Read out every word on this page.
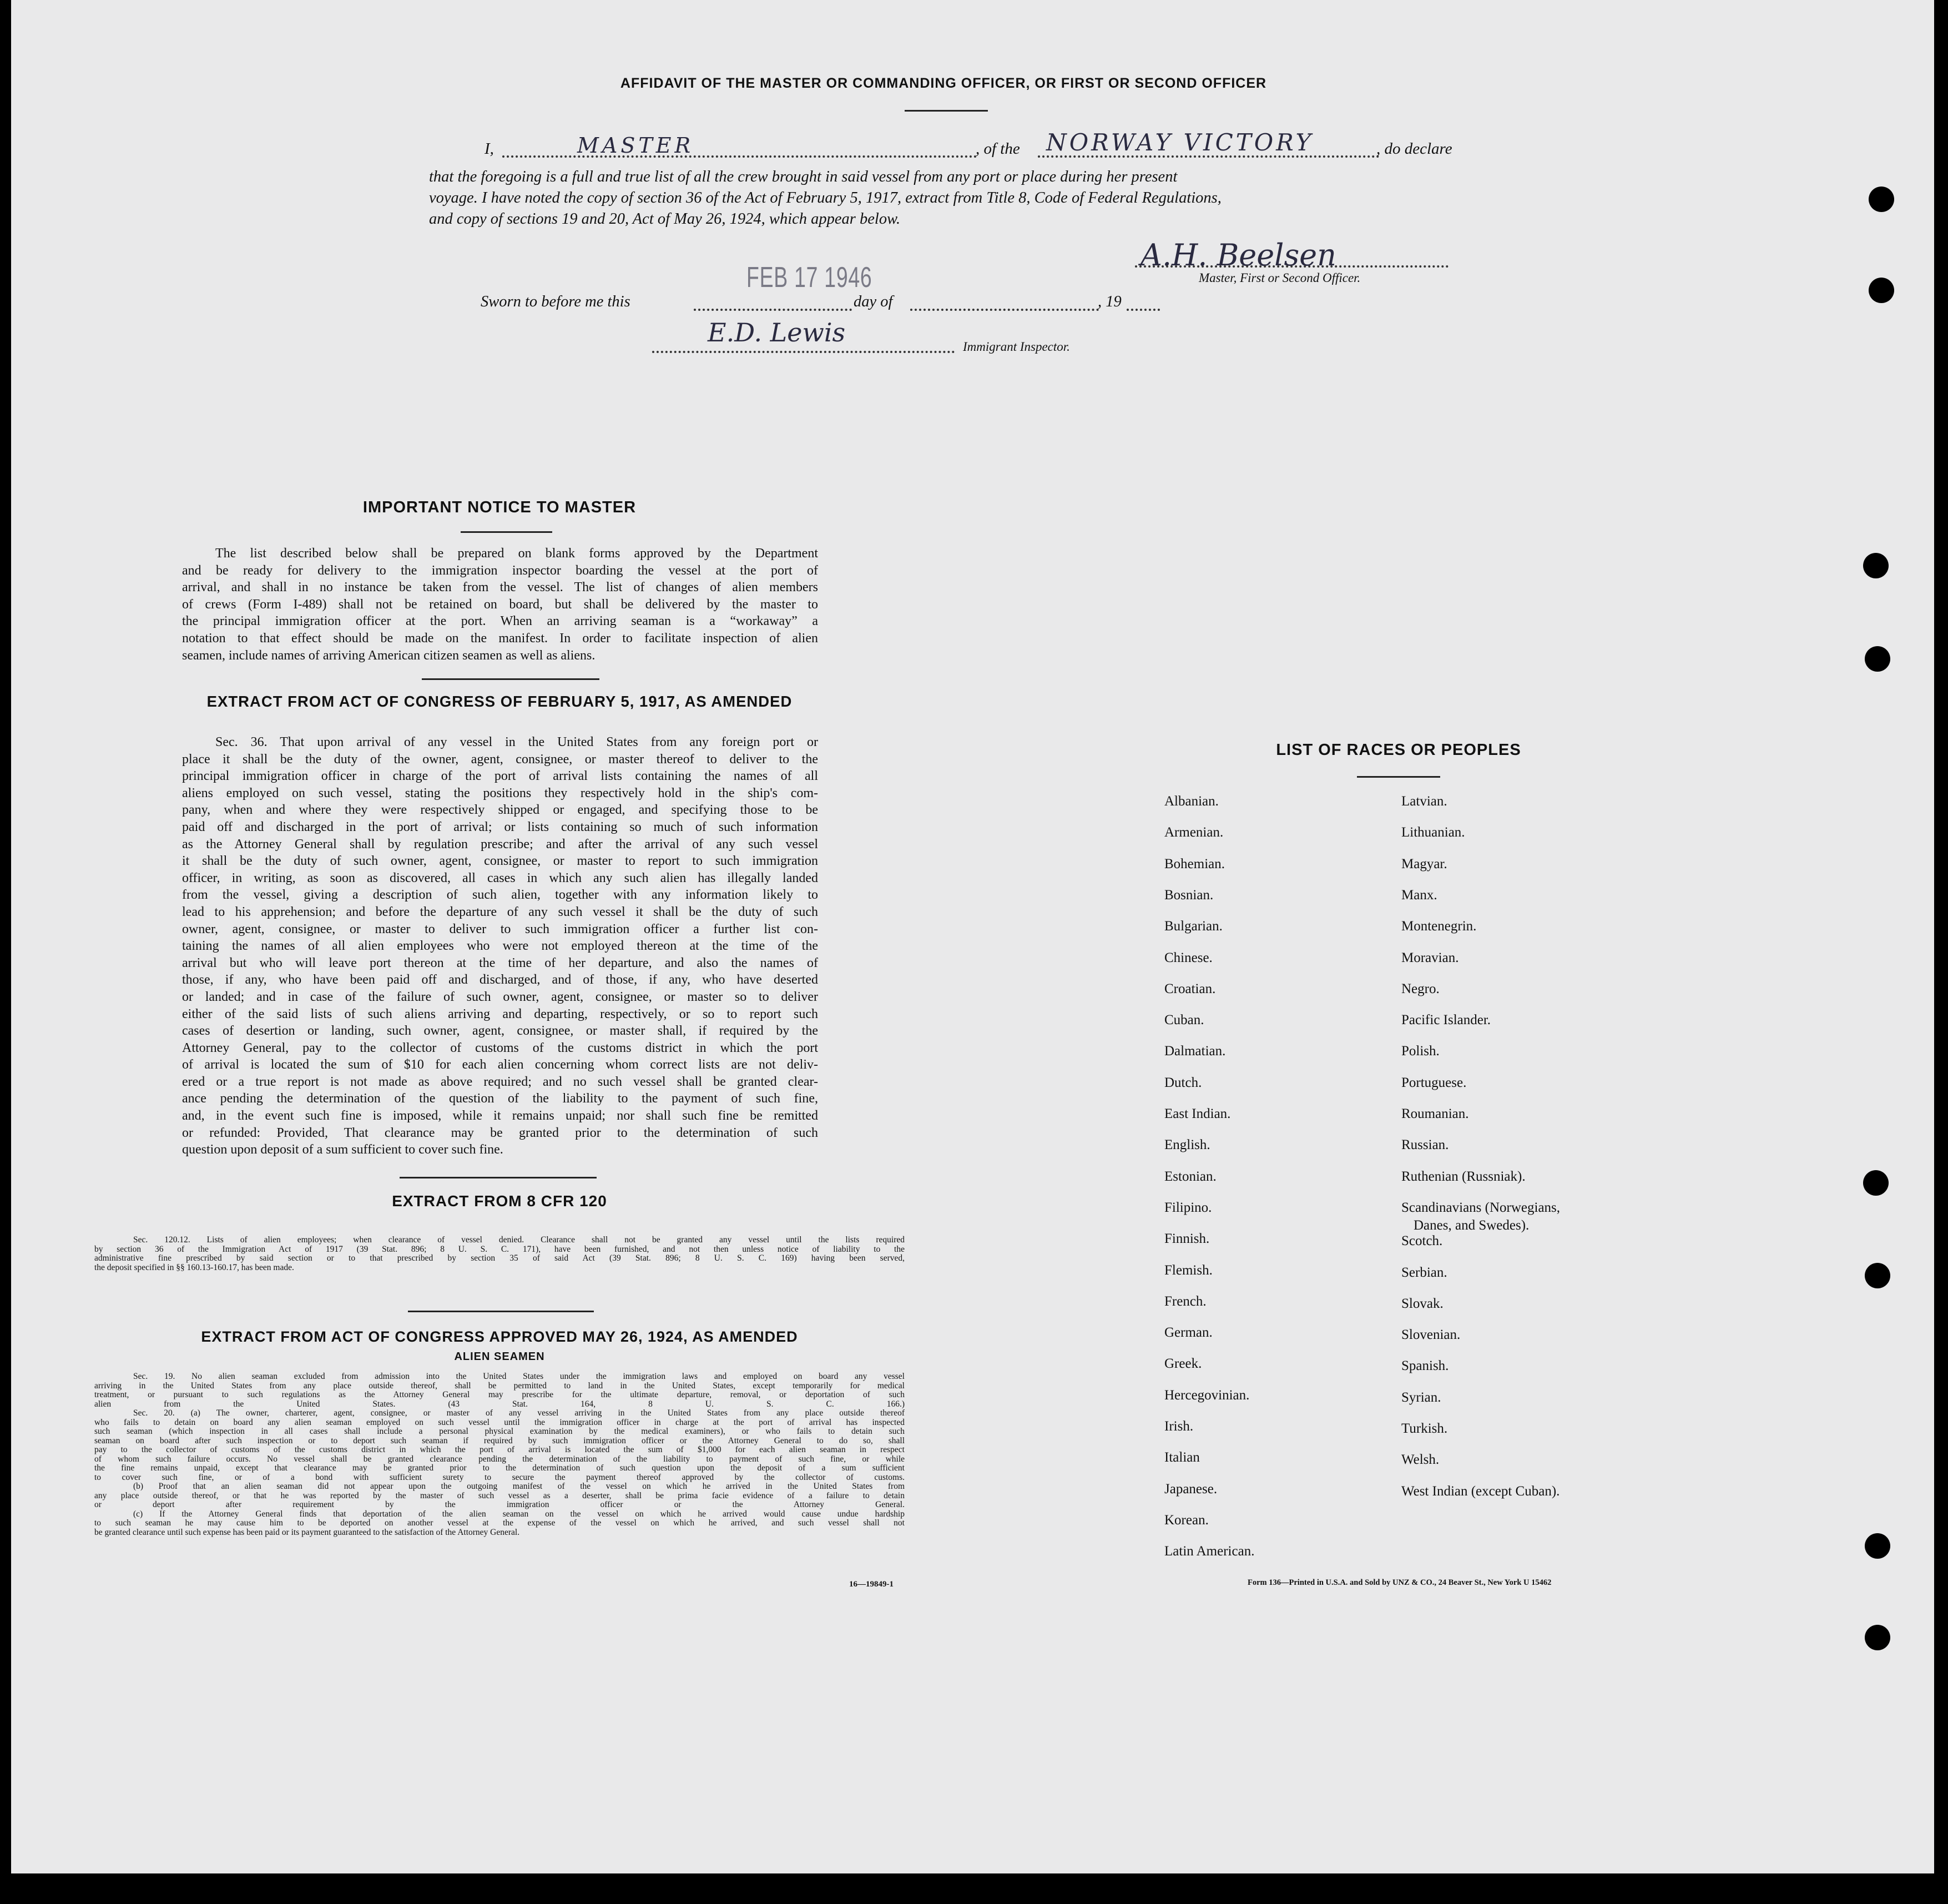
AFFIDAVIT OF THE MASTER OR COMMANDING OFFICER, OR FIRST OR SECOND OFFICER
I,	MASTER	, of the NORWAY VICTORY	, do declare
that the foregoing is a full and true list of all the crew brought in said vessel from any port or place during her present
voyage. I have noted the copy of section 36 of the Act of February 5, 1917, extract from Title 8, Code of Federal Regulations,
and copy of sections 19 and 20, Act of May 26, 1924, which appear below.
A.H. Beelsen
Master, First or Second Officer.
Sworn to before me this
FEB 17 1946
day of	, 19
E.D. Lewis	Immigrant Inspector.
IMPORTANT NOTICE TO MASTER
The list described below shall be prepared on blank forms approved by the Department
and be ready for delivery to the immigration inspector boarding the vessel at the port of
arrival, and shall in no instance be taken from the vessel. The list of changes of alien members
of crews (Form I-489) shall not be retained on board, but shall be delivered by the master to
the principal immigration officer at the port. When an arriving seaman is a “workaway” a
notation to that effect should be made on the manifest. In order to facilitate inspection of alien
seamen, include names of arriving American citizen seamen as well as aliens.
EXTRACT FROM ACT OF CONGRESS OF FEBRUARY 5, 1917, AS AMENDED
Sec. 36. That upon arrival of any vessel in the United States from any foreign port or
place it shall be the duty of the owner, agent, consignee, or master thereof to deliver to the
principal immigration officer in charge of the port of arrival lists containing the names of all
aliens employed on such vessel, stating the positions they respectively hold in the ship's com-
pany, when and where they were respectively shipped or engaged, and specifying those to be
paid off and discharged in the port of arrival; or lists containing so much of such information
as the Attorney General shall by regulation prescribe; and after the arrival of any such vessel
it shall be the duty of such owner, agent, consignee, or master to report to such immigration
officer, in writing, as soon as discovered, all cases in which any such alien has illegally landed
from the vessel, giving a description of such alien, together with any information likely to
lead to his apprehension; and before the departure of any such vessel it shall be the duty of such
owner, agent, consignee, or master to deliver to such immigration officer a further list con-
taining the names of all alien employees who were not employed thereon at the time of the
arrival but who will leave port thereon at the time of her departure, and also the names of
those, if any, who have been paid off and discharged, and of those, if any, who have deserted
or landed; and in case of the failure of such owner, agent, consignee, or master so to deliver
either of the said lists of such aliens arriving and departing, respectively, or so to report such
cases of desertion or landing, such owner, agent, consignee, or master shall, if required by the
Attorney General, pay to the collector of customs of the customs district in which the port
of arrival is located the sum of $10 for each alien concerning whom correct lists are not deliv-
ered or a true report is not made as above required; and no such vessel shall be granted clear-
ance pending the determination of the question of the liability to the payment of such fine,
and, in the event such fine is imposed, while it remains unpaid; nor shall such fine be remitted
or refunded: Provided, That clearance may be granted prior to the determination of such
question upon deposit of a sum sufficient to cover such fine.
EXTRACT FROM 8 CFR 120
Sec. 120.12. Lists of alien employees; when clearance of vessel denied. Clearance shall not be granted any vessel until the lists required
by section 36 of the Immigration Act of 1917 (39 Stat. 896; 8 U. S. C. 171), have been furnished, and not then unless notice of liability to the
administrative fine prescribed by said section or to that prescribed by section 35 of said Act (39 Stat. 896; 8 U. S. C. 169) having been served,
the deposit specified in §§ 160.13-160.17, has been made.
EXTRACT FROM ACT OF CONGRESS APPROVED MAY 26, 1924, AS AMENDED
ALIEN SEAMEN
Sec. 19. No alien seaman excluded from admission into the United States under the immigration laws and employed on board any vessel
arriving in the United States from any place outside thereof, shall be permitted to land in the United States, except temporarily for medical
treatment, or pursuant to such regulations as the Attorney General may prescribe for the ultimate departure, removal, or deportation of such
alien from the United States. (43 Stat. 164, 8 U. S. C. 166.)
Sec. 20. (a) The owner, charterer, agent, consignee, or master of any vessel arriving in the United States from any place outside thereof
who fails to detain on board any alien seaman employed on such vessel until the immigration officer in charge at the port of arrival has inspected
such seaman (which inspection in all cases shall include a personal physical examination by the medical examiners), or who fails to detain such
seaman on board after such inspection or to deport such seaman if required by such immigration officer or the Attorney General to do so, shall
pay to the collector of customs of the customs district in which the port of arrival is located the sum of $1,000 for each alien seaman in respect
of whom such failure occurs. No vessel shall be granted clearance pending the determination of the liability to payment of such fine, or while
the fine remains unpaid, except that clearance may be granted prior to the determination of such question upon the deposit of a sum sufficient
to cover such fine, or of a bond with sufficient surety to secure the payment thereof approved by the collector of customs.
(b) Proof that an alien seaman did not appear upon the outgoing manifest of the vessel on which he arrived in the United States from
any place outside thereof, or that he was reported by the master of such vessel as a deserter, shall be prima facie evidence of a failure to detain
or deport after requirement by the immigration officer or the Attorney General.
(c) If the Attorney General finds that deportation of the alien seaman on the vessel on which he arrived would cause undue hardship
to such seaman he may cause him to be deported on another vessel at the expense of the vessel on which he arrived, and such vessel shall not
be granted clearance until such expense has been paid or its payment guaranteed to the satisfaction of the Attorney General.
16—19849-1
LIST OF RACES OR PEOPLES
Albanian.
Armenian.
Bohemian.
Bosnian.
Bulgarian.
Chinese.
Croatian.
Cuban.
Dalmatian.
Dutch.
East Indian.
English.
Estonian.
Filipino.
Finnish.
Flemish.
French.
German.
Greek.
Hercegovinian.
Irish.
Italian
Japanese.
Korean.
Latin American.
Latvian.
Lithuanian.
Magyar.
Manx.
Montenegrin.
Moravian.
Negro.
Pacific Islander.
Polish.
Portuguese.
Roumanian.
Russian.
Ruthenian (Russniak).
Scandinavians (Norwegians,
Danes, and Swedes).
Scotch.
Serbian.
Slovak.
Slovenian.
Spanish.
Syrian.
Turkish.
Welsh.
West Indian (except Cuban).
Form 136—Printed in U.S.A. and Sold by UNZ & CO., 24 Beaver St., New York U 15462
